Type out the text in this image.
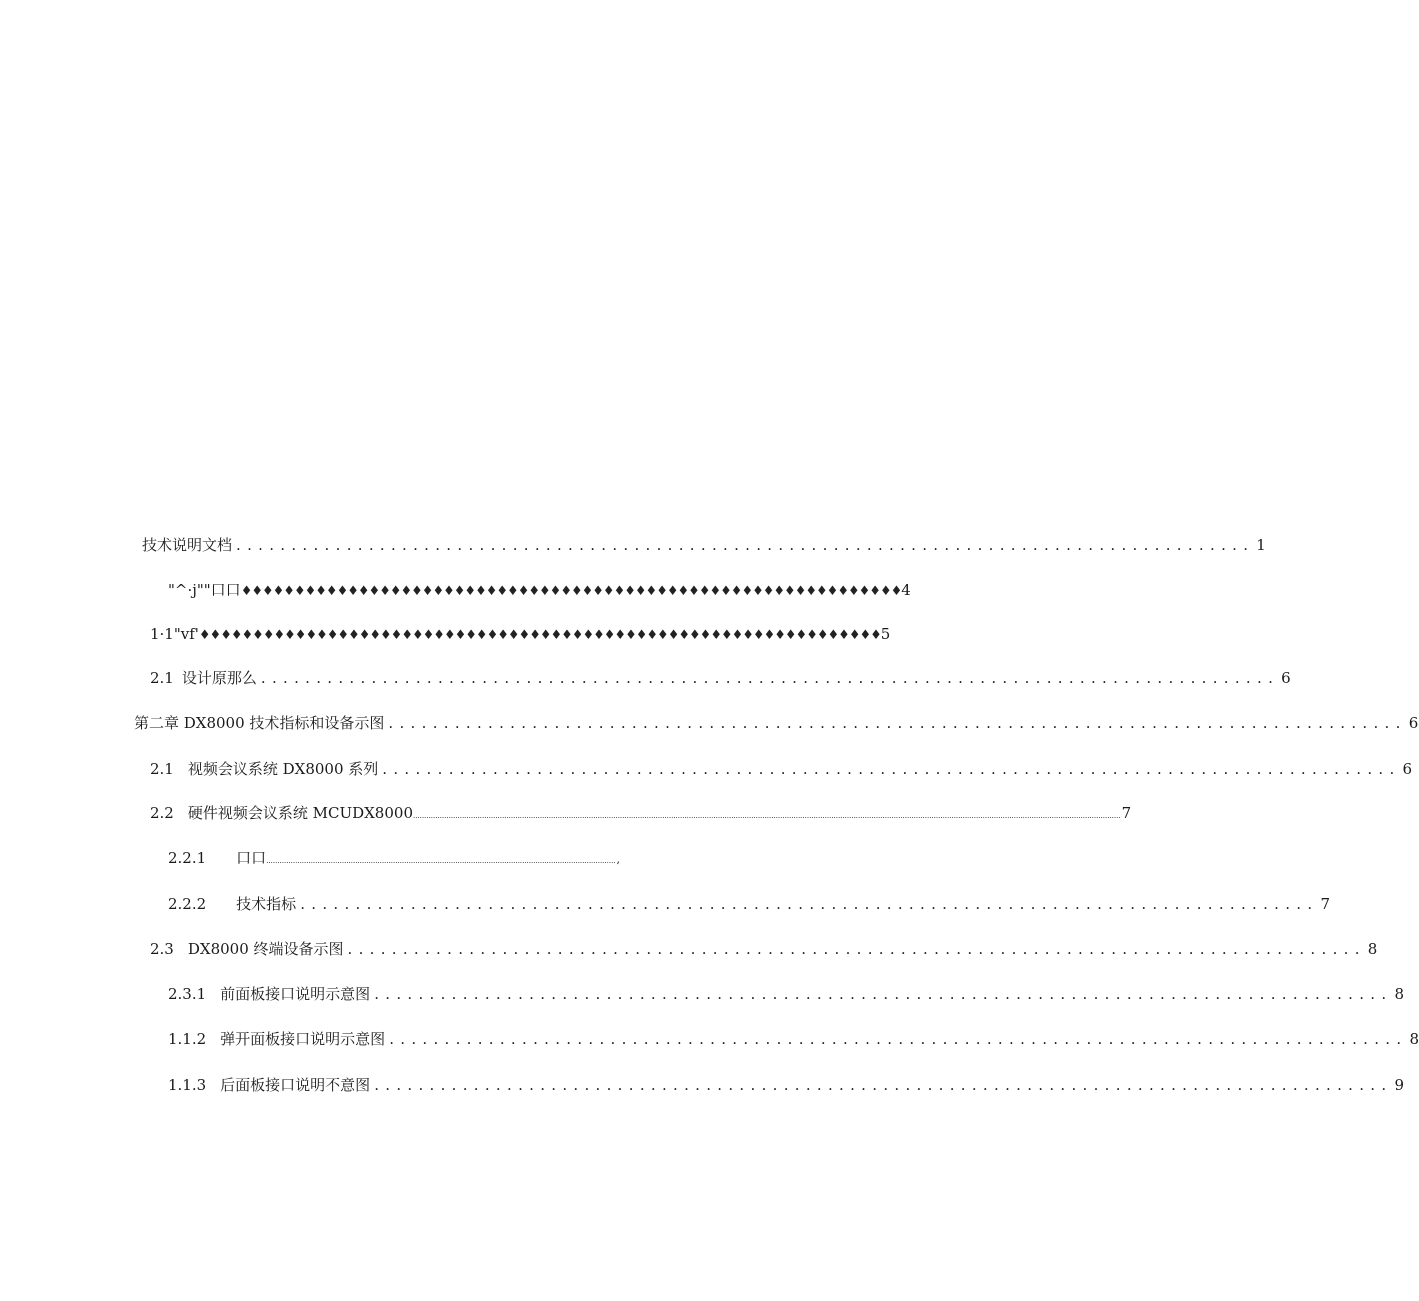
技术说明文档 ............................................................................................ 1
"^·j""口口 ♦♦♦♦♦♦♦♦♦♦♦♦♦♦♦♦♦♦♦♦♦♦♦♦♦♦♦♦♦♦♦♦♦♦♦♦♦♦♦♦♦♦♦♦♦♦♦♦♦♦♦♦♦♦♦♦♦♦♦♦♦♦ 4
1·1"vf' ♦♦♦♦♦♦♦♦♦♦♦♦♦♦♦♦♦♦♦♦♦♦♦♦♦♦♦♦♦♦♦♦♦♦♦♦♦♦♦♦♦♦♦♦♦♦♦♦♦♦♦♦♦♦♦♦♦♦♦♦♦♦♦♦ 5
2.1 设计原那么 ............................................................................................ 6
第二章 DX8000 技术指标和设备示图 ............................................................................................ 6
2.1 视频会议系统 DX8000 系列 ............................................................................................ 6
2.2 硬件视频会议系统 MCUDX8000 .............................................................................................................................................................................................................................................................................................................................. 7
2.2.1 口口 ............................................................................................................................................................. ,
2.2.2 技术指标 ............................................................................................ 7
2.3 DX8000 终端设备示图 ............................................................................................ 8
2.3.1 前面板接口说明示意图 ............................................................................................ 8
1.1.2 弹开面板接口说明示意图 ............................................................................................ 8
1.1.3 后面板接口说明不意图 ............................................................................................ 9
